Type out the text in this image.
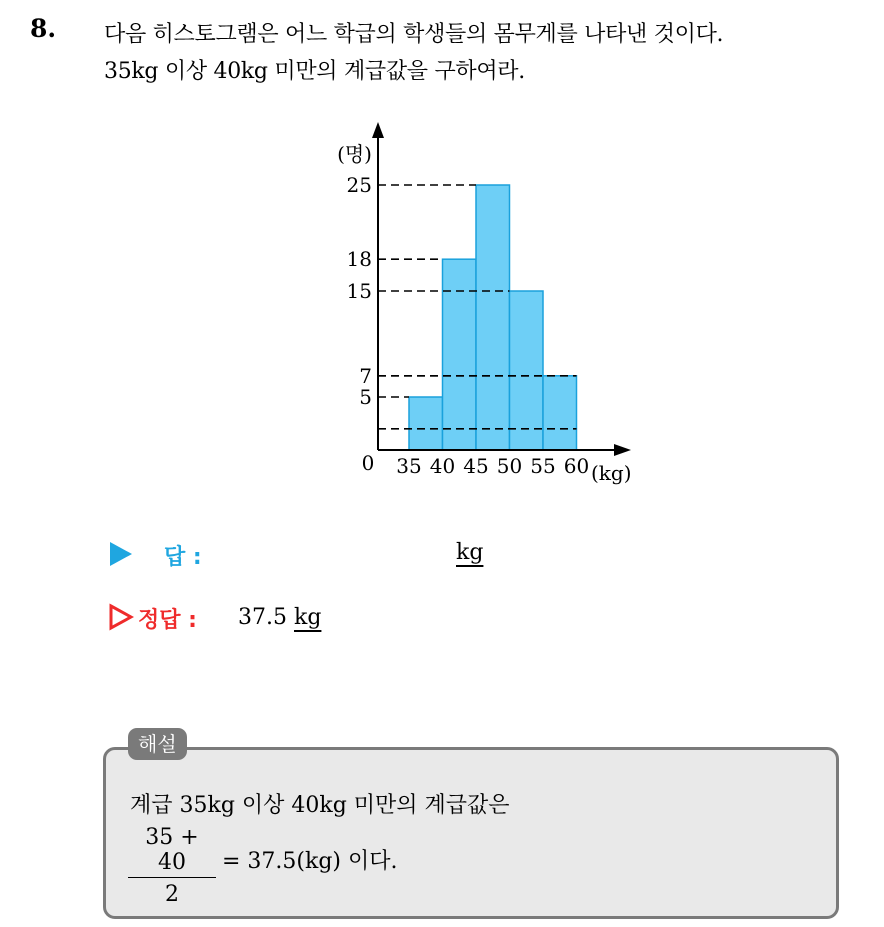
8. 다음 히스토그램은 어느 학급의 학생들의 몸무게를 나타낸 것이다.
35kg 이상 40kg 미만의 계급값을 구하여라.
5
7
15
18
25
(명)
0 35 40 45 50 55 60 (kg)
답 :	kg
정답 : 37.5 kg
해설
계급 35kg 이상 40kg 미만의 계급값은
$\frac{35 + 40}{2} = 37.5(kg)$ 이다.
